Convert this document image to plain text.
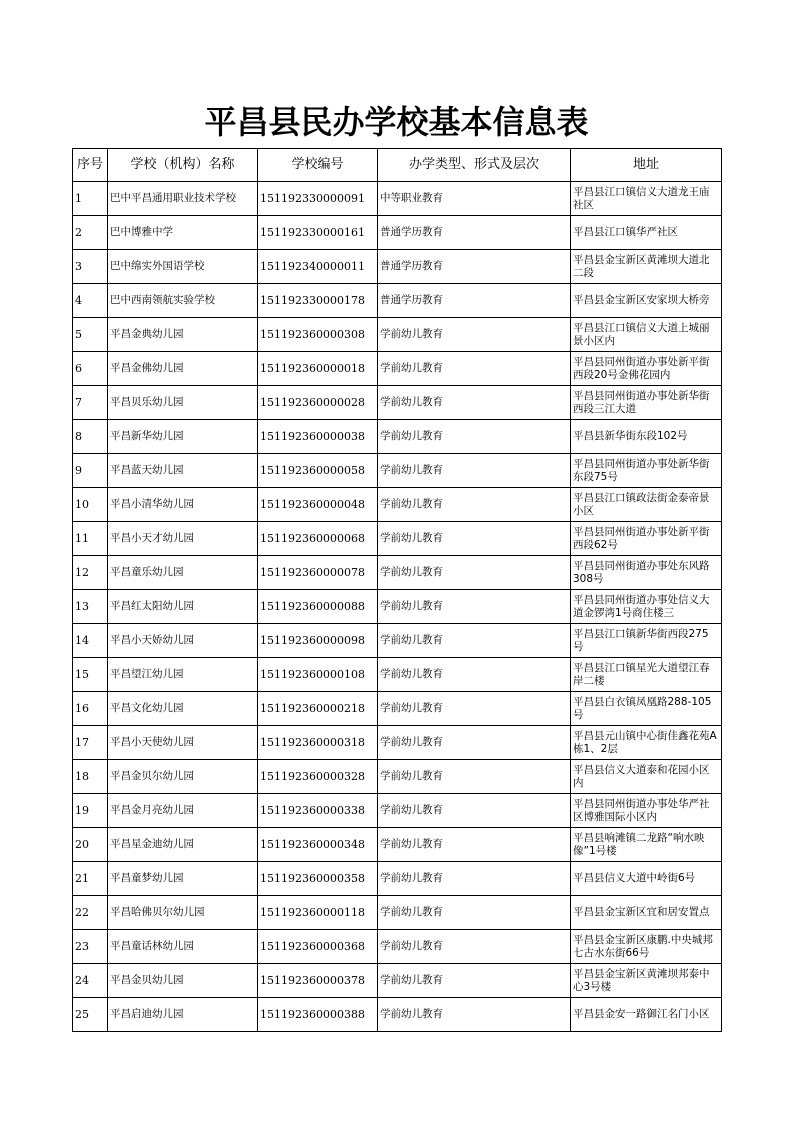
平昌县民办学校基本信息表
序号	学校（机构）名称	学校编号	办学类型、形式及层次	地址
1	巴中平昌通用职业技术学校	151192330000091	中等职业教育	平昌县江口镇信义大道龙王庙社区
2	巴中博雅中学	151192330000161	普通学历教育	平昌县江口镇华严社区
3	巴中绵实外国语学校	151192340000011	普通学历教育	平昌县金宝新区黄滩坝大道北二段
4	巴中西南领航实验学校	151192330000178	普通学历教育	平昌县金宝新区安家坝大桥旁
5	平昌金典幼儿园	151192360000308	学前幼儿教育	平昌县江口镇信义大道上城丽景小区内
6	平昌金佛幼儿园	151192360000018	学前幼儿教育	平昌县同州街道办事处新平街西段20号金佛花园内
7	平昌贝乐幼儿园	151192360000028	学前幼儿教育	平昌县同州街道办事处新华街西段三江大道
8	平昌新华幼儿园	151192360000038	学前幼儿教育	平昌县新华街东段102号
9	平昌蓝天幼儿园	151192360000058	学前幼儿教育	平昌县同州街道办事处新华街东段75号
10	平昌小清华幼儿园	151192360000048	学前幼儿教育	平昌县江口镇政法街金泰帝景小区
11	平昌小天才幼儿园	151192360000068	学前幼儿教育	平昌县同州街道办事处新平街西段62号
12	平昌童乐幼儿园	151192360000078	学前幼儿教育	平昌县同州街道办事处东风路308号
13	平昌红太阳幼儿园	151192360000088	学前幼儿教育	平昌县同州街道办事处信义大道金锣湾1号商住楼三
14	平昌小天娇幼儿园	151192360000098	学前幼儿教育	平昌县江口镇新华街西段275号
15	平昌望江幼儿园	151192360000108	学前幼儿教育	平昌县江口镇星光大道望江春岸二楼
16	平昌文化幼儿园	151192360000218	学前幼儿教育	平昌县白衣镇凤凰路288-105号
17	平昌小天使幼儿园	151192360000318	学前幼儿教育	平昌县元山镇中心街佳鑫花苑A栋1、2层
18	平昌金贝尔幼儿园	151192360000328	学前幼儿教育	平昌县信义大道泰和花园小区内
19	平昌金月亮幼儿园	151192360000338	学前幼儿教育	平昌县同州街道办事处华严社区博雅国际小区内
20	平昌星金迪幼儿园	151192360000348	学前幼儿教育	平昌县响滩镇二龙路“响水映像”1号楼
21	平昌童梦幼儿园	151192360000358	学前幼儿教育	平昌县信义大道中岭街6号
22	平昌哈佛贝尔幼儿园	151192360000118	学前幼儿教育	平昌县金宝新区宜和居安置点
23	平昌童话林幼儿园	151192360000368	学前幼儿教育	平昌县金宝新区康鹏.中央城邦七古水东街66号
24	平昌金贝幼儿园	151192360000378	学前幼儿教育	平昌县金宝新区黄滩坝邦泰中心3号楼
25	平昌启迪幼儿园	151192360000388	学前幼儿教育	平昌县金安一路御江名门小区
